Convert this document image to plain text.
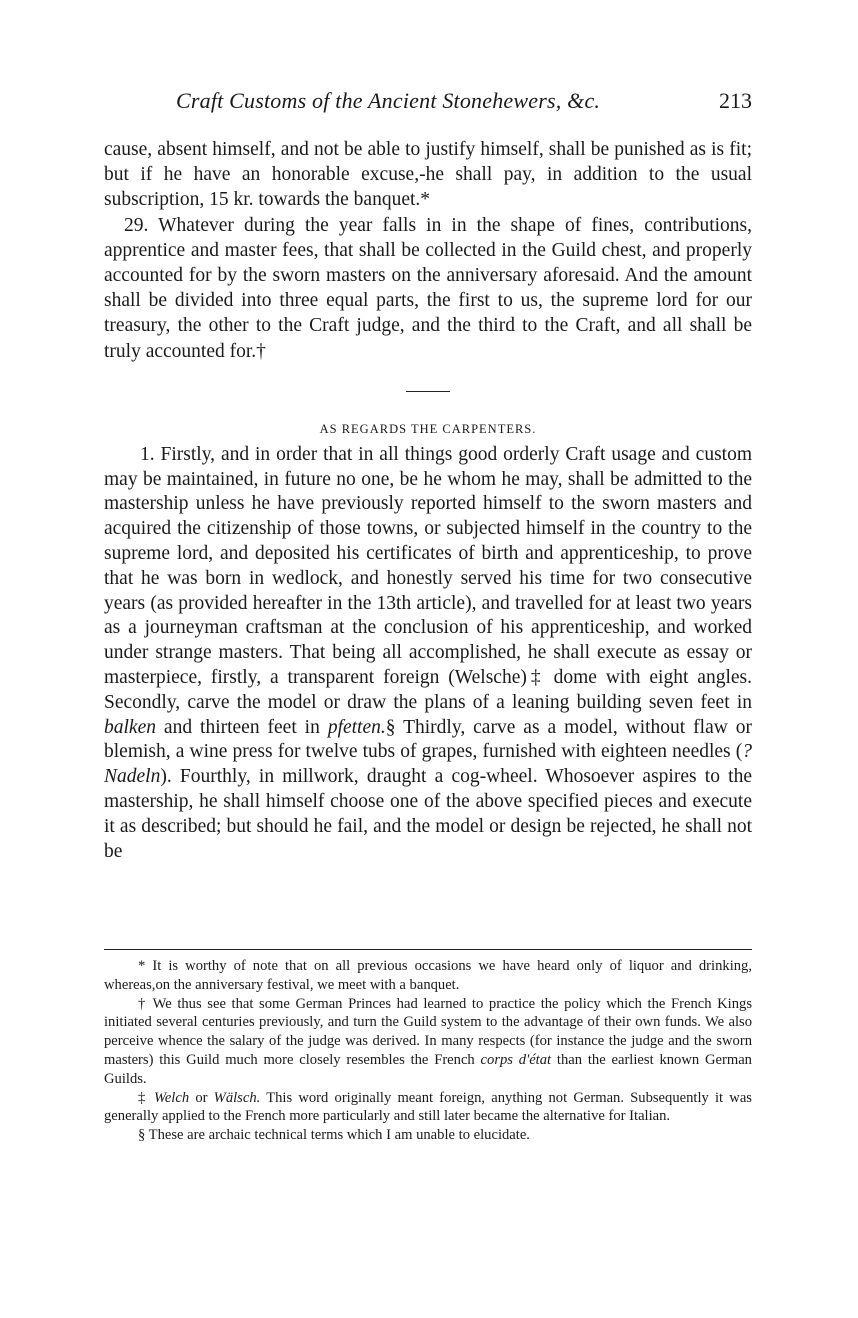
Craft Customs of the Ancient Stonehewers, &c.	213

cause, absent himself, and not be able to justify himself, shall be punished as is fit; but if he have an honorable excuse,-he shall pay, in addition to the usual subscription, 15 kr. towards the banquet.*

29. Whatever during the year falls in in the shape of fines, contributions, apprentice and master fees, that shall be collected in the Guild chest, and properly accounted for by the sworn masters on the anniversary aforesaid. And the amount shall be divided into three equal parts, the first to us, the supreme lord for our treasury, the other to the Craft judge, and the third to the Craft, and all shall be truly accounted for.†

AS REGARDS THE CARPENTERS.

1. Firstly, and in order that in all things good orderly Craft usage and custom may be maintained, in future no one, be he whom he may, shall be admitted to the mastership unless he have previously reported himself to the sworn masters and acquired the citizenship of those towns, or subjected himself in the country to the supreme lord, and deposited his certificates of birth and apprenticeship, to prove that he was born in wedlock, and honestly served his time for two consecutive years (as provided hereafter in the 13th article), and travelled for at least two years as a journeyman craftsman at the conclusion of his apprenticeship, and worked under strange masters. That being all accomplished, he shall execute as essay or masterpiece, firstly, a transparent foreign (Welsche)‡ dome with eight angles. Secondly, carve the model or draw the plans of a leaning building seven feet in balken and thirteen feet in pfetten.§ Thirdly, carve as a model, without flaw or blemish, a wine press for twelve tubs of grapes, furnished with eighteen needles (? Nadeln). Fourthly, in millwork, draught a cog-wheel. Whosoever aspires to the mastership, he shall himself choose one of the above specified pieces and execute it as described; but should he fail, and the model or design be rejected, he shall not be

* It is worthy of note that on all previous occasions we have heard only of liquor and drinking, whereas,on the anniversary festival, we meet with a banquet.

† We thus see that some German Princes had learned to practice the policy which the French Kings initiated several centuries previously, and turn the Guild system to the advantage of their own funds. We also perceive whence the salary of the judge was derived. In many respects (for instance the judge and the sworn masters) this Guild much more closely resembles the French corps d'état than the earliest known German Guilds.

‡ Welch or Wälsch. This word originally meant foreign, anything not German. Subsequently it was generally applied to the French more particularly and still later became the alternative for Italian.

§ These are archaic technical terms which I am unable to elucidate.
